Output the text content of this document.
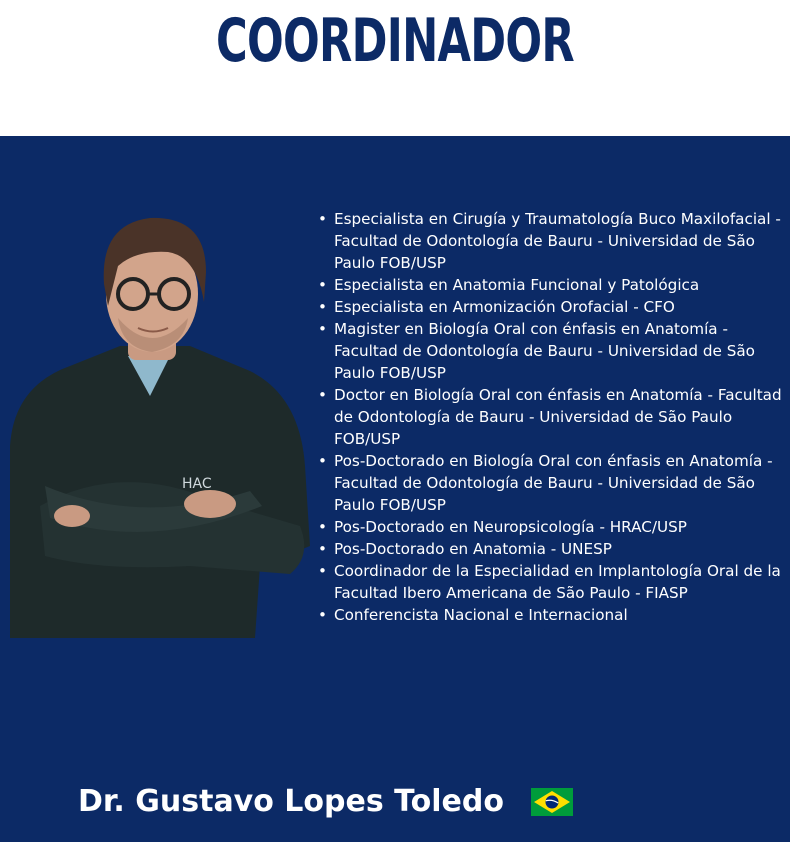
COORDINADOR
HAC
• Especialista en Cirugía y Traumatología Buco Maxilofacial - Facultad de Odontología de Bauru - Universidad de São Paulo FOB/USP
• Especialista en Anatomia Funcional y Patológica
• Especialista en Armonización Orofacial - CFO
• Magister en Biología Oral con énfasis en Anatomía - Facultad de Odontología de Bauru - Universidad de São Paulo FOB/USP
• Doctor en Biología Oral con énfasis en Anatomía - Facultad de Odontología de Bauru - Universidad de São Paulo FOB/USP
• Pos-Doctorado en Biología Oral con énfasis en Anatomía - Facultad de Odontología de Bauru - Universidad de São Paulo FOB/USP
• Pos-Doctorado en Neuropsicología - HRAC/USP
• Pos-Doctorado en Anatomia - UNESP
• Coordinador de la Especialidad en Implantología Oral de la Facultad Ibero Americana de São Paulo - FIASP
• Conferencista Nacional e Internacional
Dr. Gustavo Lopes Toledo
